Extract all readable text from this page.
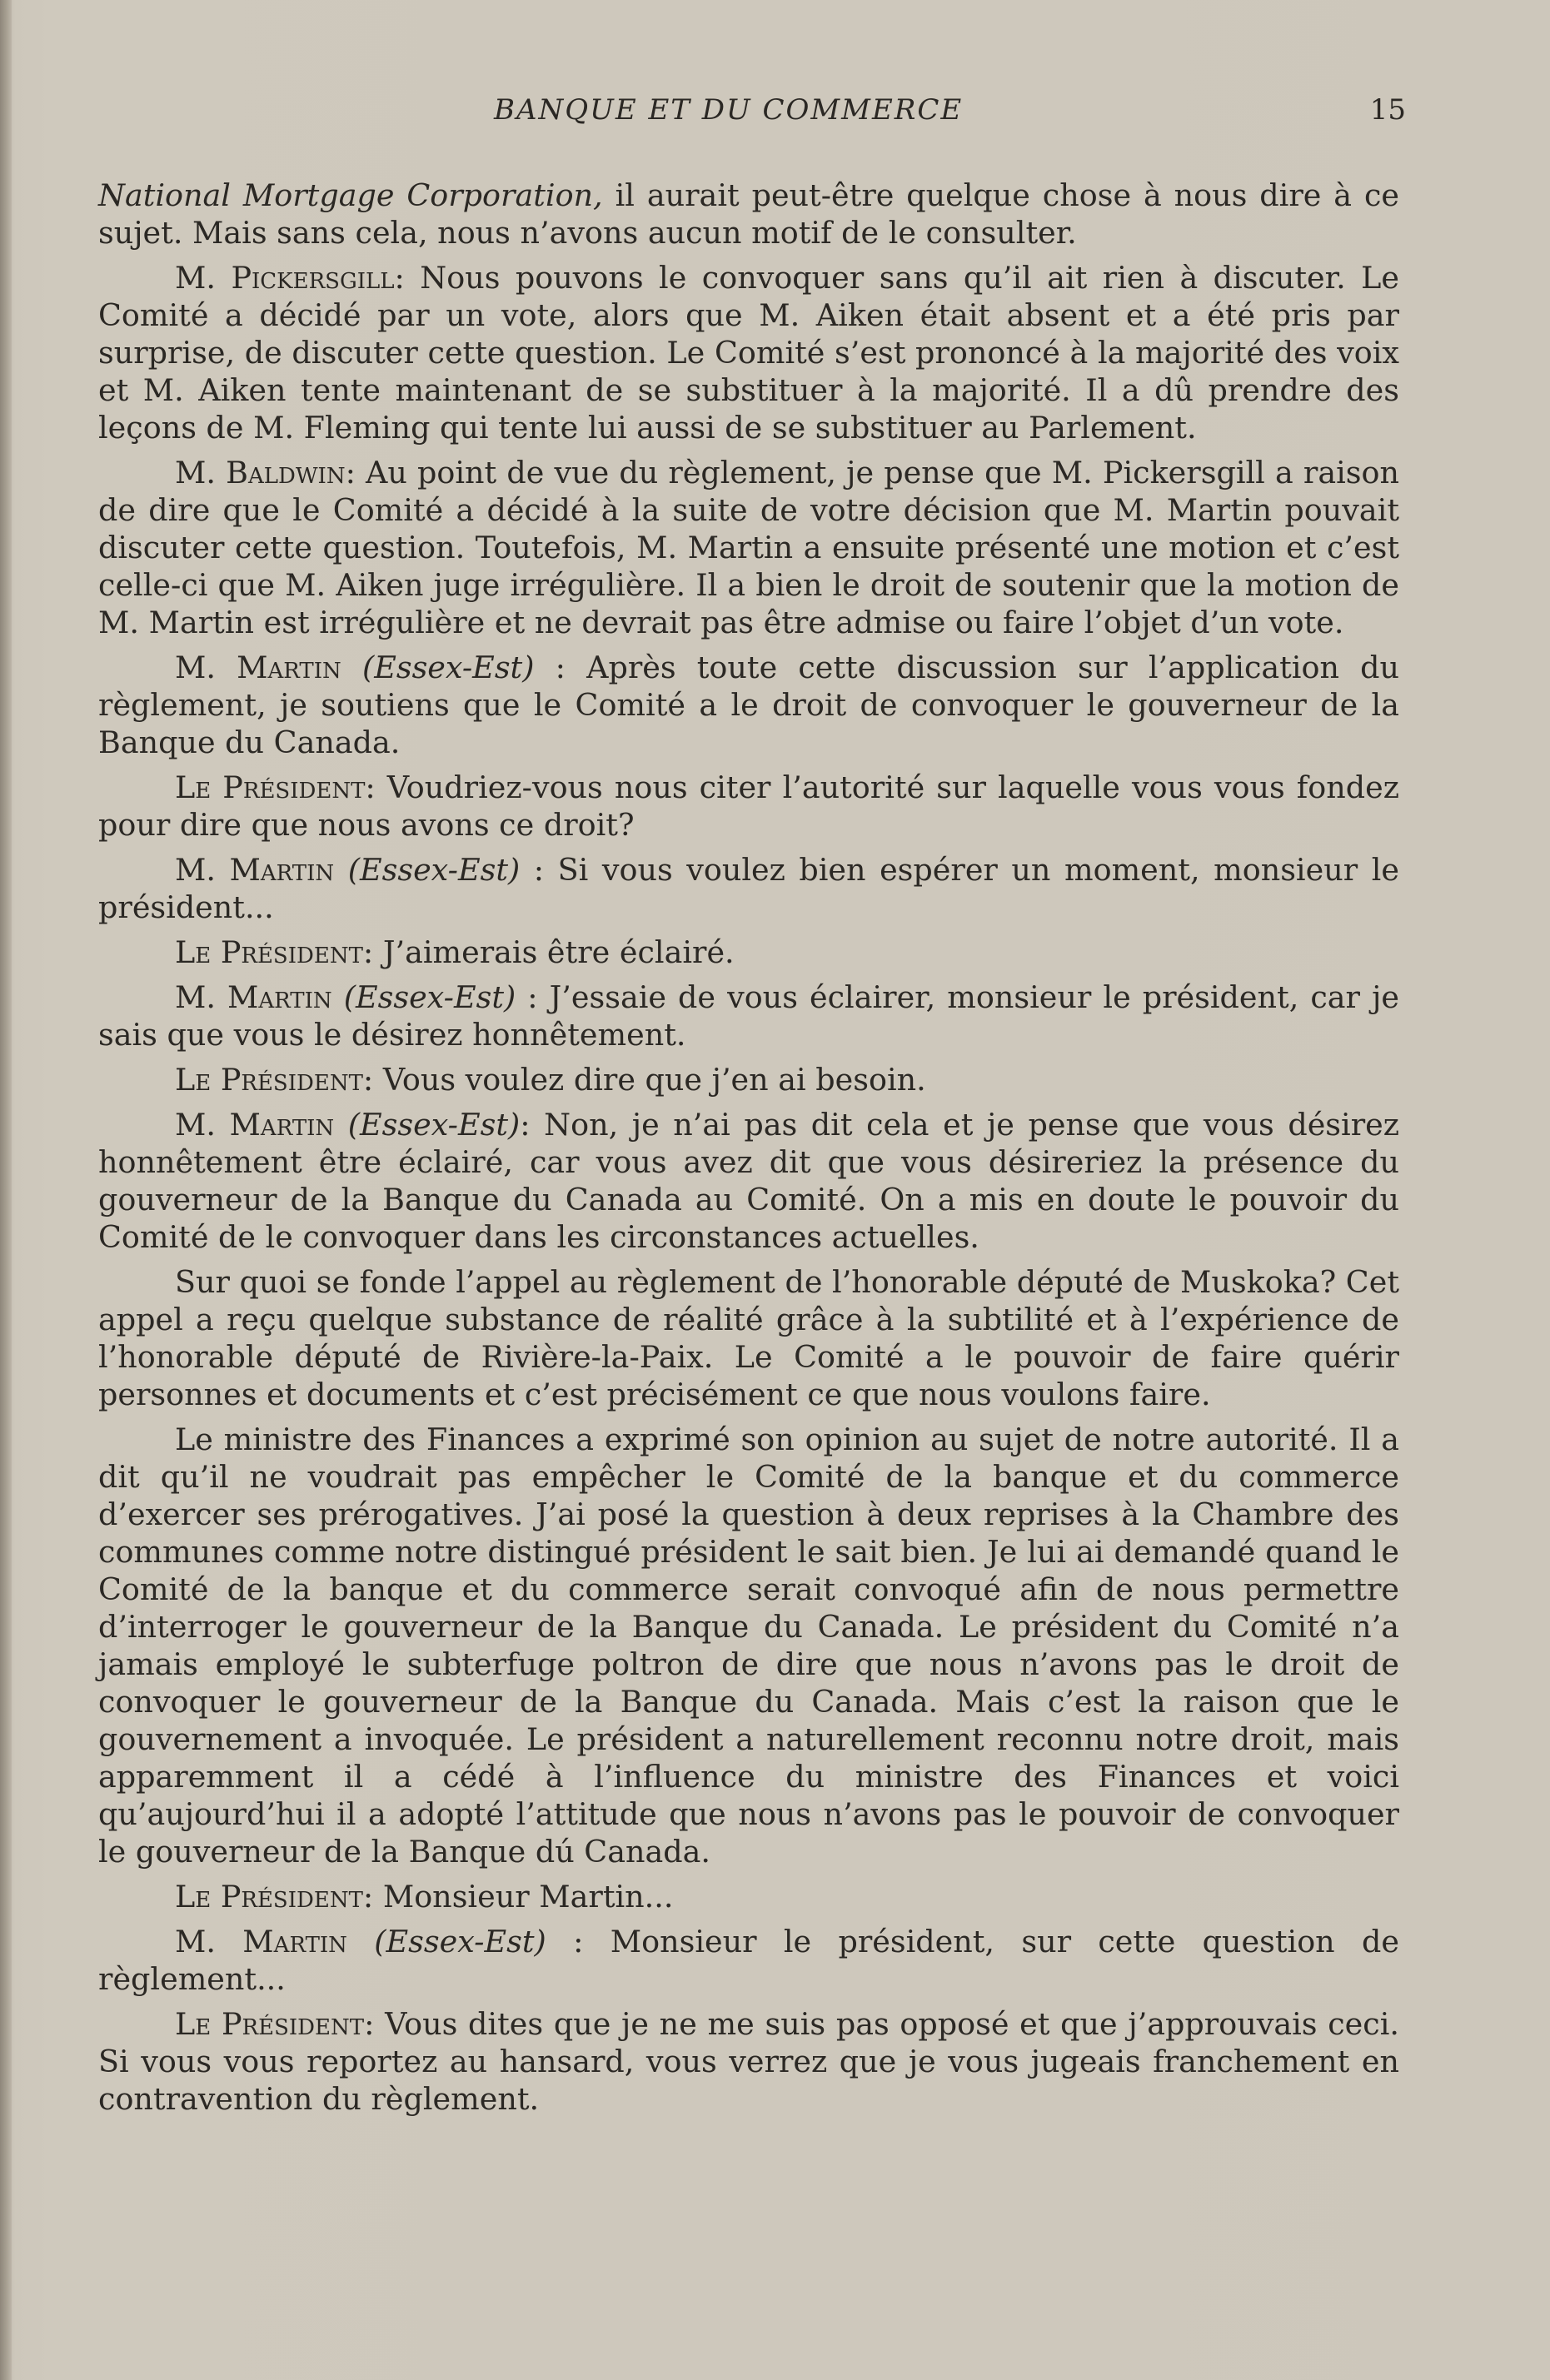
BANQUE ET DU COMMERCE	15

National Mortgage Corporation, il aurait peut-être quelque chose à nous dire à ce sujet. Mais sans cela, nous n’avons aucun motif de le consulter.

M. Pickersgill: Nous pouvons le convoquer sans qu’il ait rien à discuter. Le Comité a décidé par un vote, alors que M. Aiken était absent et a été pris par surprise, de discuter cette question. Le Comité s’est prononcé à la majorité des voix et M. Aiken tente maintenant de se substituer à la majorité. Il a dû prendre des leçons de M. Fleming qui tente lui aussi de se substituer au Parlement.

M. Baldwin: Au point de vue du règlement, je pense que M. Pickersgill a raison de dire que le Comité a décidé à la suite de votre décision que M. Martin pouvait discuter cette question. Toutefois, M. Martin a ensuite présenté une motion et c’est celle-ci que M. Aiken juge irrégulière. Il a bien le droit de soutenir que la motion de M. Martin est irrégulière et ne devrait pas être admise ou faire l’objet d’un vote.

M. Martin (Essex-Est) : Après toute cette discussion sur l’application du règlement, je soutiens que le Comité a le droit de convoquer le gouverneur de la Banque du Canada.

Le Président: Voudriez-vous nous citer l’autorité sur laquelle vous vous fondez pour dire que nous avons ce droit?

M. Martin (Essex-Est) : Si vous voulez bien espérer un moment, monsieur le président...

Le Président: J’aimerais être éclairé.

M. Martin (Essex-Est) : J’essaie de vous éclairer, monsieur le président, car je sais que vous le désirez honnêtement.

Le Président: Vous voulez dire que j’en ai besoin.

M. Martin (Essex-Est): Non, je n’ai pas dit cela et je pense que vous désirez honnêtement être éclairé, car vous avez dit que vous désireriez la présence du gouverneur de la Banque du Canada au Comité. On a mis en doute le pouvoir du Comité de le convoquer dans les circonstances actuelles.

Sur quoi se fonde l’appel au règlement de l’honorable député de Muskoka? Cet appel a reçu quelque substance de réalité grâce à la subtilité et à l’expérience de l’honorable député de Rivière-la-Paix. Le Comité a le pouvoir de faire quérir personnes et documents et c’est précisément ce que nous voulons faire.

Le ministre des Finances a exprimé son opinion au sujet de notre autorité. Il a dit qu’il ne voudrait pas empêcher le Comité de la banque et du commerce d’exercer ses prérogatives. J’ai posé la question à deux reprises à la Chambre des communes comme notre distingué président le sait bien. Je lui ai demandé quand le Comité de la banque et du commerce serait convoqué afin de nous permettre d’interroger le gouverneur de la Banque du Canada. Le président du Comité n’a jamais employé le subterfuge poltron de dire que nous n’avons pas le droit de convoquer le gouverneur de la Banque du Canada. Mais c’est la raison que le gouvernement a invoquée. Le président a naturellement reconnu notre droit, mais apparemment il a cédé à l’influence du ministre des Finances et voici qu’aujourd’hui il a adopté l’attitude que nous n’avons pas le pouvoir de convoquer le gouverneur de la Banque dú Canada.

Le Président: Monsieur Martin...

M. Martin (Essex-Est) : Monsieur le président, sur cette question de règlement...

Le Président: Vous dites que je ne me suis pas opposé et que j’approuvais ceci. Si vous vous reportez au hansard, vous verrez que je vous jugeais franchement en contravention du règlement.
